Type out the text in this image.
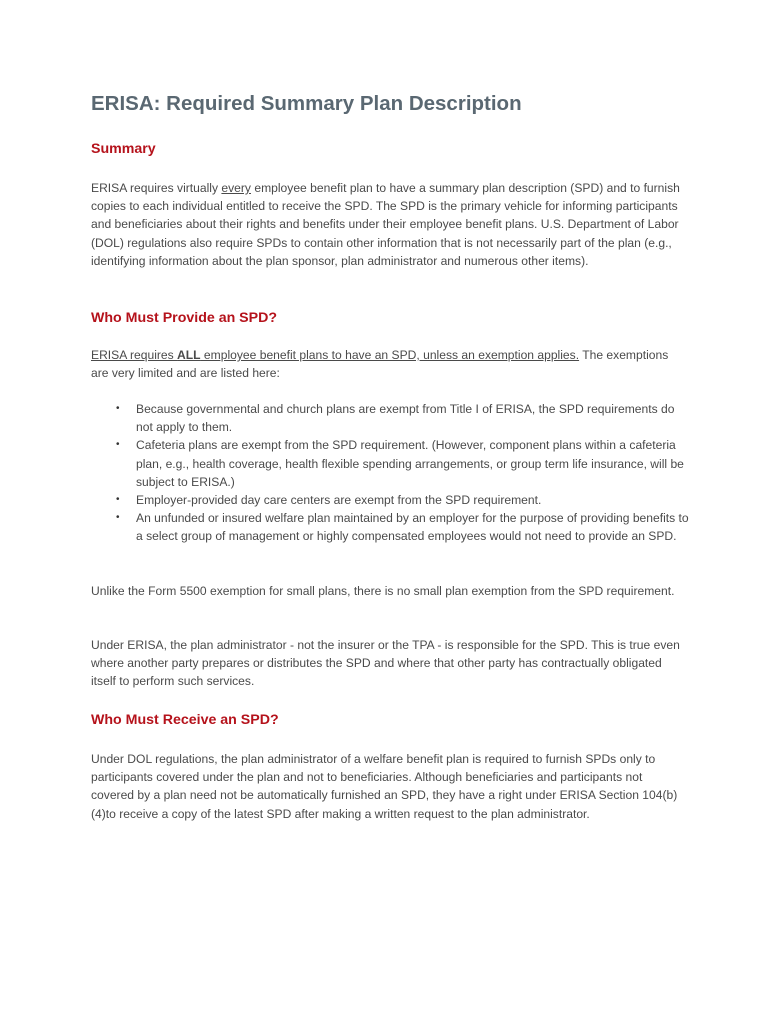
ERISA: Required Summary Plan Description
Summary

ERISA requires virtually every employee benefit plan to have a summary plan description (SPD) and to furnish copies to each individual entitled to receive the SPD. The SPD is the primary vehicle for informing participants and beneficiaries about their rights and benefits under their employee benefit plans. U.S. Department of Labor (DOL) regulations also require SPDs to contain other information that is not necessarily part of the plan (e.g., identifying information about the plan sponsor, plan administrator and numerous other items).

Who Must Provide an SPD?

ERISA requires ALL employee benefit plans to have an SPD, unless an exemption applies. The exemptions are very limited and are listed here:

• Because governmental and church plans are exempt from Title I of ERISA, the SPD requirements do not apply to them.
• Cafeteria plans are exempt from the SPD requirement. (However, component plans within a cafeteria plan, e.g., health coverage, health flexible spending arrangements, or group term life insurance, will be subject to ERISA.)
• Employer-provided day care centers are exempt from the SPD requirement.
• An unfunded or insured welfare plan maintained by an employer for the purpose of providing benefits to a select group of management or highly compensated employees would not need to provide an SPD.

Unlike the Form 5500 exemption for small plans, there is no small plan exemption from the SPD requirement.

Under ERISA, the plan administrator - not the insurer or the TPA - is responsible for the SPD. This is true even where another party prepares or distributes the SPD and where that other party has contractually obligated itself to perform such services.

Who Must Receive an SPD?

Under DOL regulations, the plan administrator of a welfare benefit plan is required to furnish SPDs only to participants covered under the plan and not to beneficiaries. Although beneficiaries and participants not covered by a plan need not be automatically furnished an SPD, they have a right under ERISA Section 104(b)(4)to receive a copy of the latest SPD after making a written request to the plan administrator.
